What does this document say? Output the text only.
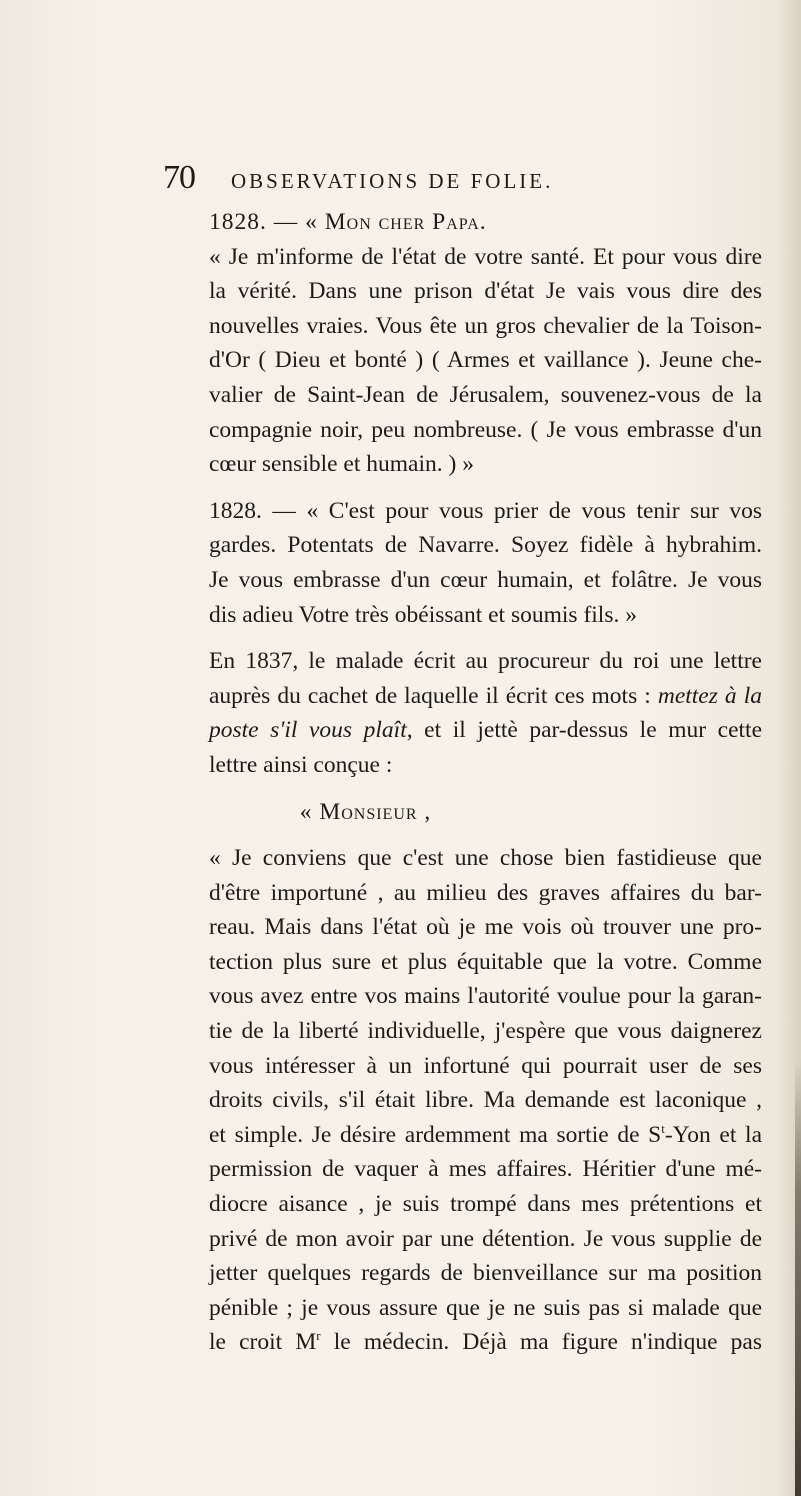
70 OBSERVATIONS DE FOLIE.
1828. — « Mon cher Papa.

« Je m'informe de l'état de votre santé. Et pour vous dire
la vérité. Dans une prison d'état Je vais vous dire des
nouvelles vraies. Vous ête un gros chevalier de la Toison-
d'Or ( Dieu et bonté ) ( Armes et vaillance ). Jeune che-
valier de Saint-Jean de Jérusalem, souvenez-vous de la
compagnie noir, peu nombreuse. ( Je vous embrasse d'un
cœur sensible et humain. ) »

1828. — « C'est pour vous prier de vous tenir sur vos
gardes. Potentats de Navarre. Soyez fidèle à hybrahim.
Je vous embrasse d'un cœur humain, et folâtre. Je vous
dis adieu Votre très obéissant et soumis fils. »

En 1837, le malade écrit au procureur du roi une lettre
auprès du cachet de laquelle il écrit ces mots : mettez à la
poste s'il vous plaît, et il jettè par-dessus le mur cette
lettre ainsi conçue :

« Monsieur ,

« Je conviens que c'est une chose bien fastidieuse que
d'être importuné , au milieu des graves affaires du bar-
reau. Mais dans l'état où je me vois où trouver une pro-
tection plus sure et plus équitable que la votre. Comme
vous avez entre vos mains l'autorité voulue pour la garan-
tie de la liberté individuelle, j'espère que vous daignerez
vous intéresser à un infortuné qui pourrait user de ses
droits civils, s'il était libre. Ma demande est laconique ,
et simple. Je désire ardemment ma sortie de $S^t$-Yon et la
permission de vaquer à mes affaires. Héritier d'une mé-
diocre aisance , je suis trompé dans mes prétentions et
privé de mon avoir par une détention. Je vous supplie de
jetter quelques regards de bienveillance sur ma position
pénible ; je vous assure que je ne suis pas si malade que
le croit $M^r$ le médecin. Déjà ma figure n'indique pas
